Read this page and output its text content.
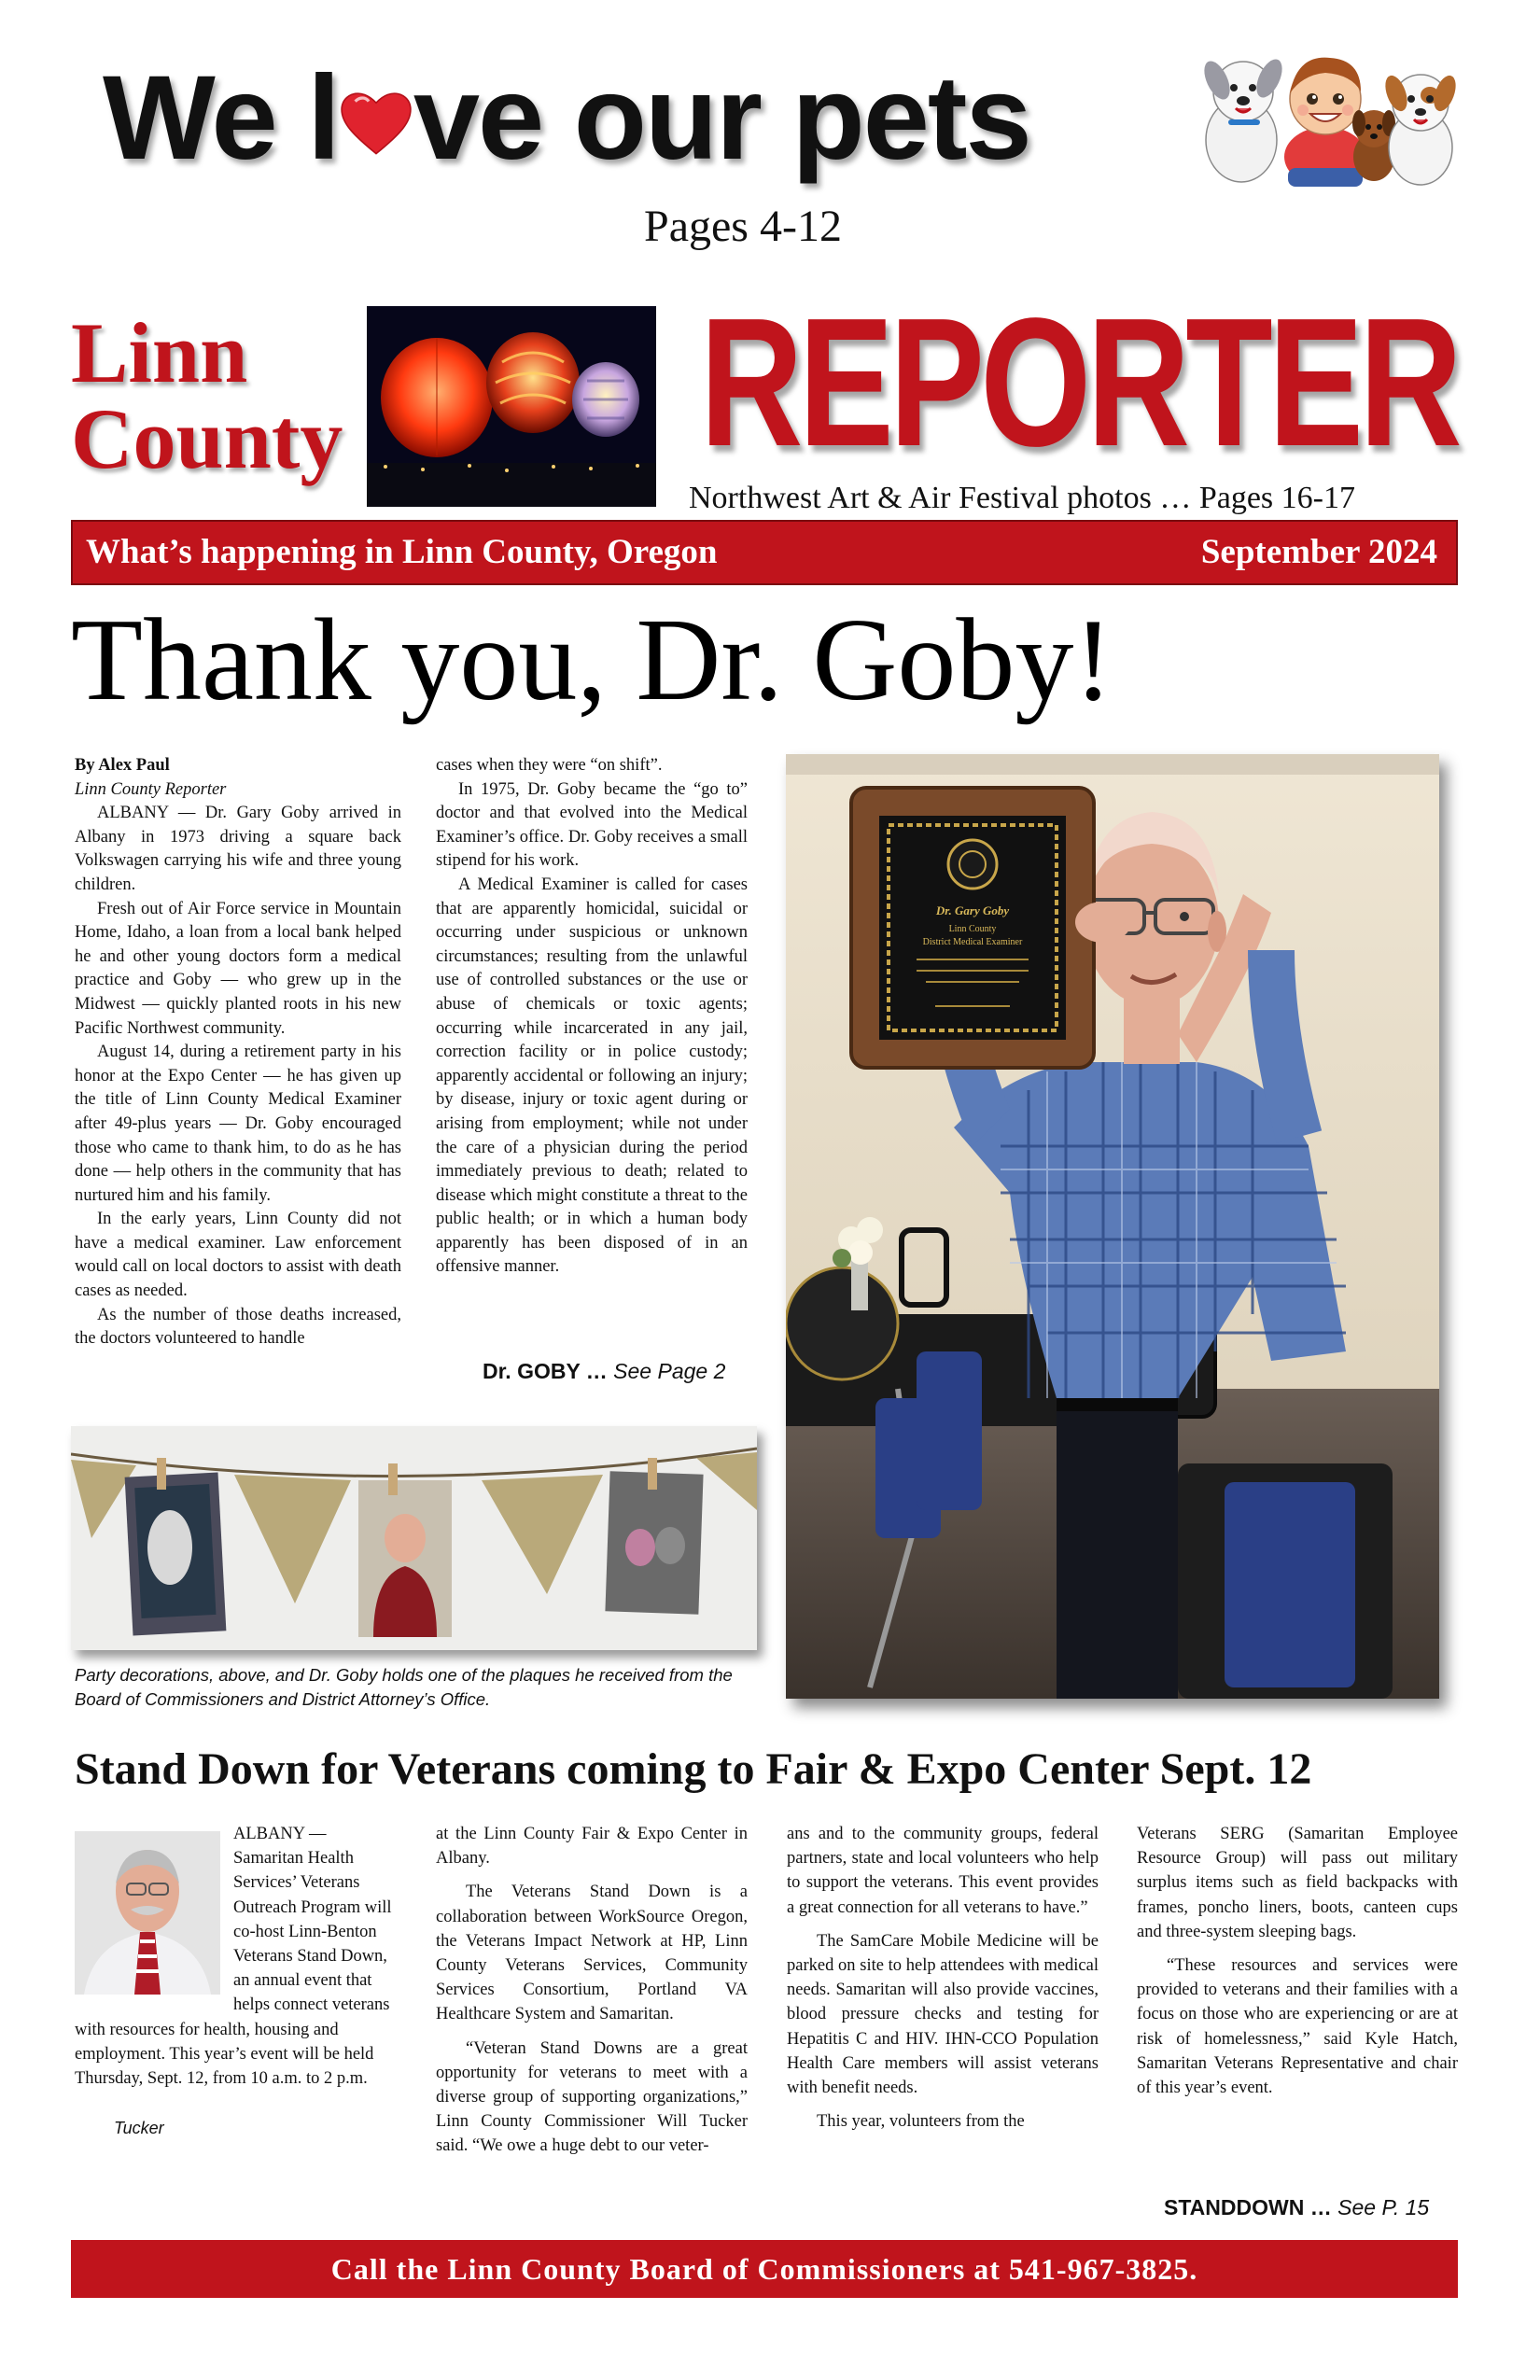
We l ve our pets
Pages 4-12
Linn
County REPORTER
Northwest Art & Air Festival photos … Pages 16-17
What’s happening in Linn County, Oregon	September 2024
Thank you, Dr. Goby!

By Alex Paul

Linn County Reporter

ALBANY — Dr. Gary Goby arrived in Albany in 1973 driving a square back Volkswagen carrying his wife and three young children.

Fresh out of Air Force service in Mountain Home, Idaho, a loan from a local bank helped he and other young doctors form a medical practice and Goby — who grew up in the Midwest — quickly planted roots in his new Pacific Northwest community.

August 14, during a retirement party in his honor at the Expo Center — he has given up the title of Linn County Medical Examiner after 49-plus years — Dr. Goby encouraged those who came to thank him, to do as he has done — help others in the community that has nurtured him and his family.

In the early years, Linn County did not have a medical examiner. Law enforcement would call on local doctors to assist with death cases as needed.

As the number of those deaths increased, the doctors volunteered to handle

cases when they were “on shift”.

In 1975, Dr. Goby became the “go to” doctor and that evolved into the Medical Examiner’s office. Dr. Goby receives a small stipend for his work.

A Medical Examiner is called for cases that are apparently homicidal, suicidal or occurring under suspicious or unknown circumstances; resulting from the unlawful use of controlled substances or the use or abuse of chemicals or toxic agents; occurring while incarcerated in any jail, correction facility or in police custody; apparently accidental or following an injury; by disease, injury or toxic agent during or arising from employment; while not under the care of a physician during the period immediately previous to death; related to disease which might constitute a threat to the public health; or in which a human body apparently has been disposed of in an offensive manner.

Dr. GOBY … See Page 2
Dr. Gary Goby
Linn County
District Medical Examiner
Party decorations, above, and Dr. Goby holds one of the plaques he received from the Board of Commissioners and District Attorney’s Office.
Stand Down for Veterans coming to Fair & Expo Center Sept. 12

ALBANY — Samaritan Health Services’ Veterans Outreach Program will co-host Linn-Benton Veterans Stand Down, an annual event that helps connect veterans with resources for health, housing and employment. This year’s event will be held Thursday, Sept. 12, from 10 a.m. to 2 p.m.

Tucker

at the Linn County Fair & Expo Center in Albany.

The Veterans Stand Down is a collaboration between WorkSource Oregon, the Veterans Impact Network at HP, Linn County Veterans Services, Community Services Consortium, Portland VA Healthcare System and Samaritan.

“Veteran Stand Downs are a great opportunity for veterans to meet with a diverse group of supporting organizations,” Linn County Commissioner Will Tucker said. “We owe a huge debt to our veter-

ans and to the community groups, federal partners, state and local volunteers who help to support the veterans. This event provides a great connection for all veterans to have.”

The SamCare Mobile Medicine will be parked on site to help attendees with medical needs. Samaritan will also provide vaccines, blood pressure checks and testing for Hepatitis C and HIV. IHN-CCO Population Health Care members will assist veterans with benefit needs.

This year, volunteers from the

Veterans SERG (Samaritan Employee Resource Group) will pass out military surplus items such as field backpacks with frames, poncho liners, boots, canteen cups and three-system sleeping bags.

“These resources and services were provided to veterans and their families with a focus on those who are experiencing or are at risk of homelessness,” said Kyle Hatch, Samaritan Veterans Representative and chair of this year’s event.

STANDDOWN … See P. 15
Call the Linn County Board of Commissioners at 541-967-3825.
